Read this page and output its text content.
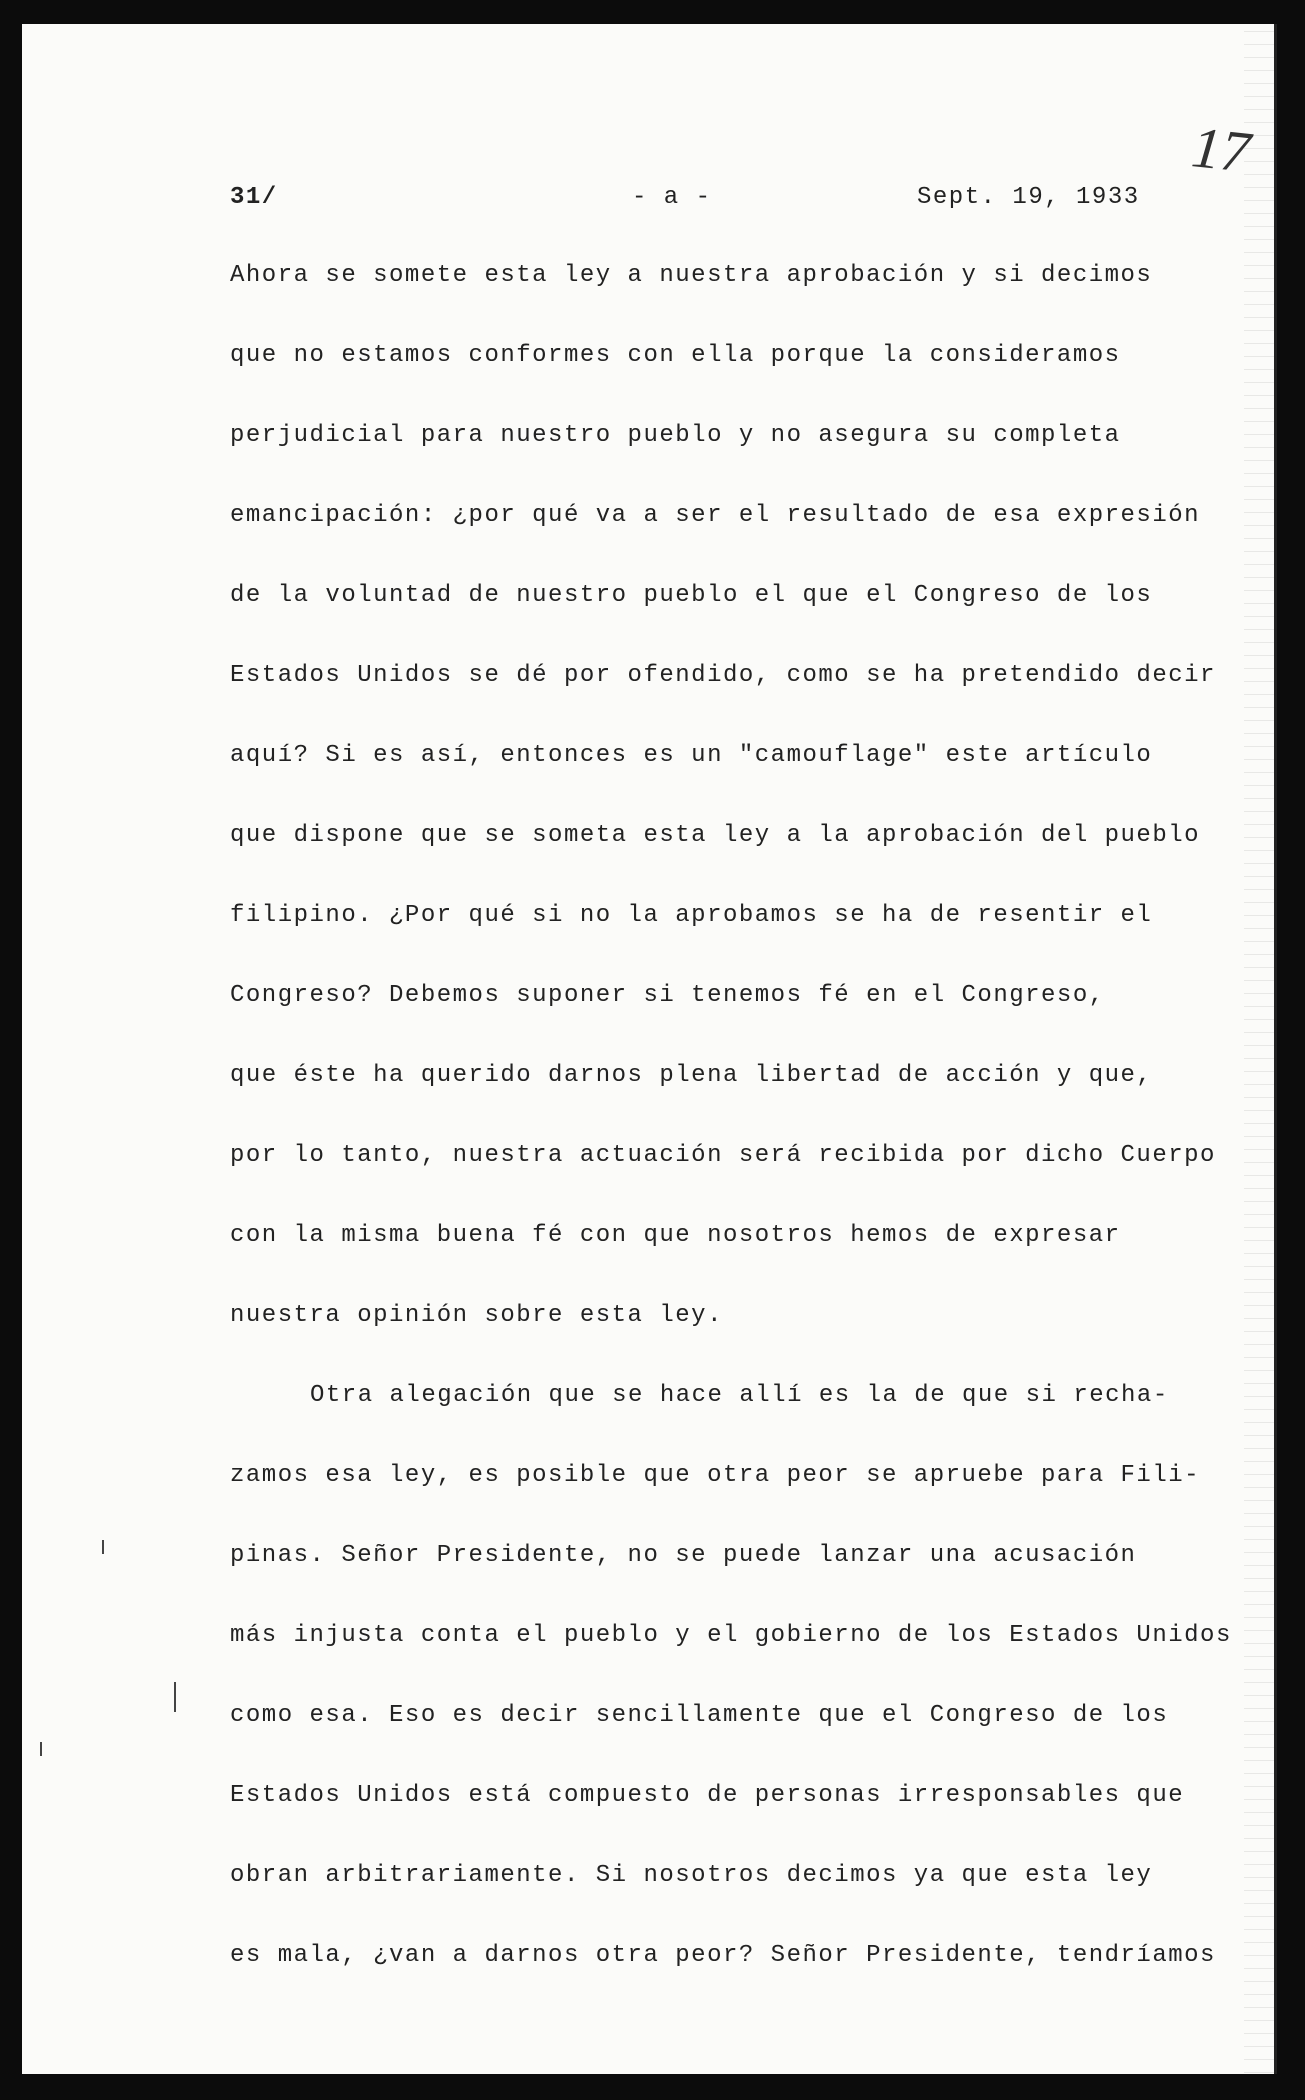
17
31/	- a -	Sept. 19, 1933
Ahora se somete esta ley a nuestra aprobación y si decimos
que no estamos conformes con ella porque la consideramos
perjudicial para nuestro pueblo y no asegura su completa
emancipación: ¿por qué va a ser el resultado de esa expresión
de la voluntad de nuestro pueblo el que el Congreso de los
Estados Unidos se dé por ofendido, como se ha pretendido decir
aquí? Si es así, entonces es un "camouflage" este artículo
que dispone que se someta esta ley a la aprobación del pueblo
filipino. ¿Por qué si no la aprobamos se ha de resentir el
Congreso? Debemos suponer si tenemos fé en el Congreso,
que éste ha querido darnos plena libertad de acción y que,
por lo tanto, nuestra actuación será recibida por dicho Cuerpo
con la misma buena fé con que nosotros hemos de expresar
nuestra opinión sobre esta ley.
Otra alegación que se hace allí es la de que si recha-
zamos esa ley, es posible que otra peor se apruebe para Fili-
pinas. Señor Presidente, no se puede lanzar una acusación
más injusta conta el pueblo y el gobierno de los Estados Unidos
como esa. Eso es decir sencillamente que el Congreso de los
Estados Unidos está compuesto de personas irresponsables que
obran arbitrariamente. Si nosotros decimos ya que esta ley
es mala, ¿van a darnos otra peor? Señor Presidente, tendríamos
